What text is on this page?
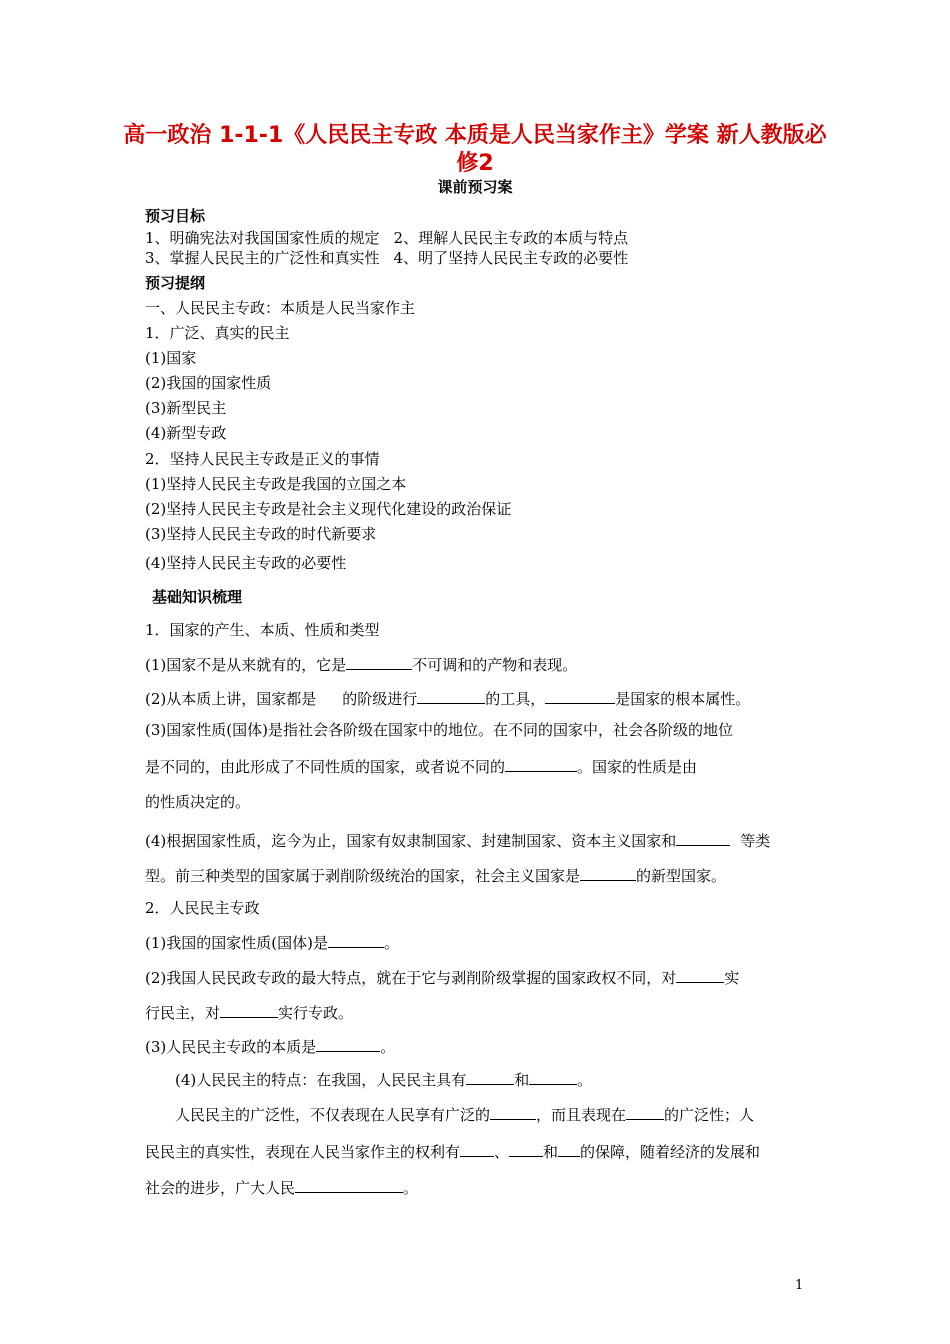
高一政治 1-1-1《人民民主专政 本质是人民当家作主》学案 新人教版必修2

课前预习案

预习目标

1、明确宪法对我国国家性质的规定 2、理解人民民主专政的本质与特点

3、掌握人民民主的广泛性和真实性 4、明了坚持人民民主专政的必要性

预习提纲

一、人民民主专政：本质是人民当家作主

1．广泛、真实的民主

(1)国家

(2)我国的国家性质

(3)新型民主

(4)新型专政

2．坚持人民民主专政是正义的事情

(1)坚持人民民主专政是我国的立国之本

(2)坚持人民民主专政是社会主义现代化建设的政治保证

(3)坚持人民民主专政的时代新要求

(4)坚持人民民主专政的必要性

基础知识梳理

1．国家的产生、本质、性质和类型

(1)国家不是从来就有的，它是	不可调和的产物和表现。

(2)从本质上讲，国家都是 的阶级进行	的工具，	是国家的根本属性。

(3)国家性质(国体)是指社会各阶级在国家中的地位。在不同的国家中，社会各阶级的地位

是不同的，由此形成了不同性质的国家，或者说不同的	。国家的性质是由

的性质决定的。

(4)根据国家性质，迄今为止，国家有奴隶制国家、封建制国家、资本主义国家和	等类

型。前三种类型的国家属于剥削阶级统治的国家，社会主义国家是	的新型国家。

2．人民民主专政

(1)我国的国家性质(国体)是	。

(2)我国人民民政专政的最大特点，就在于它与剥削阶级掌握的国家政权不同，对	实

行民主，对	实行专政。

(3)人民民主专政的本质是	。

(4)人民民主的特点：在我国，人民民主具有	和	。

人民民主的广泛性，不仅表现在人民享有广泛的	，而且表现在	的广泛性；人

民民主的真实性，表现在人民当家作主的权利有 、 和 的保障，随着经济的发展和

社会的进步，广大人民	。

1
